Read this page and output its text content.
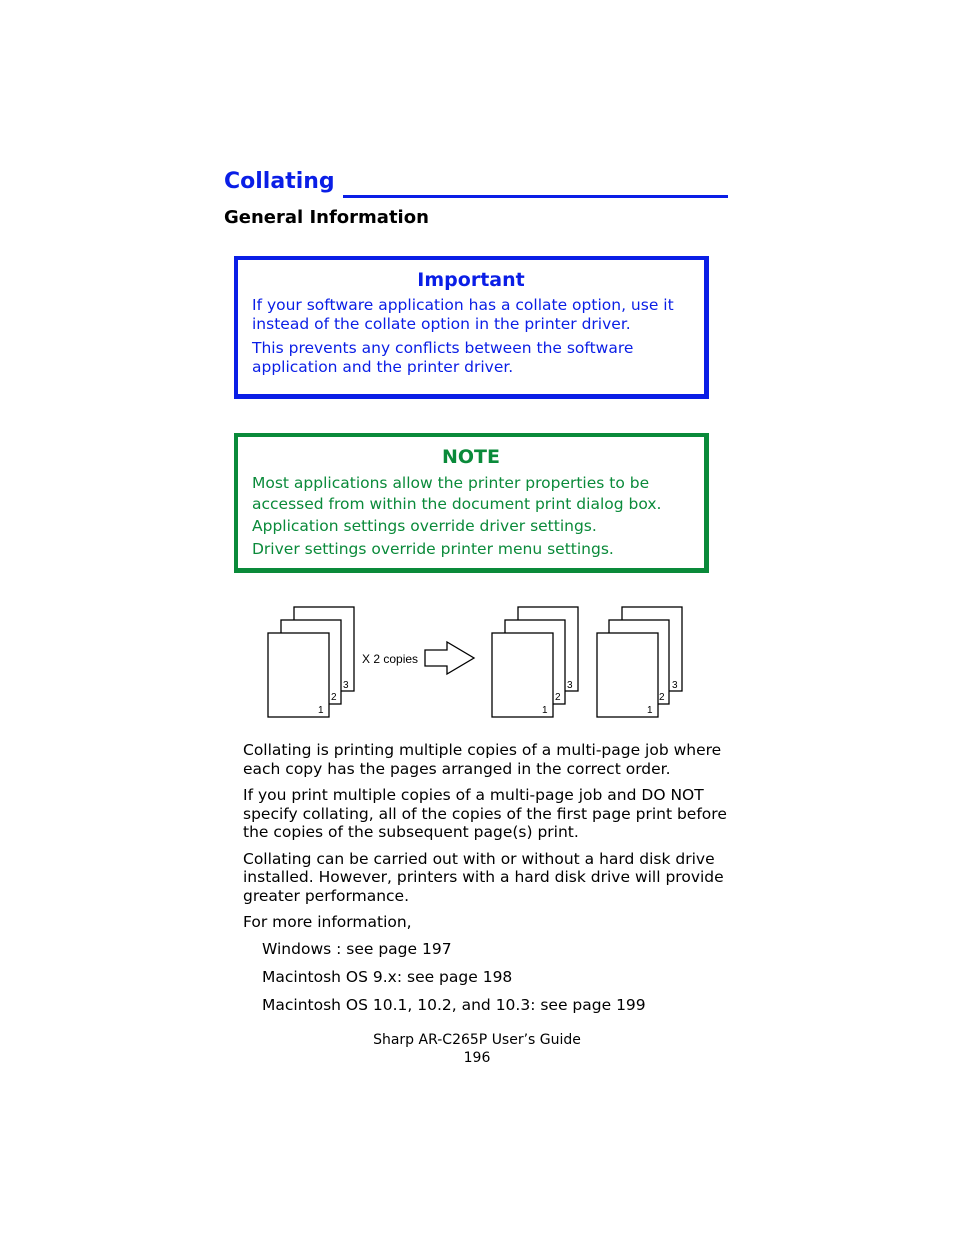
Collating
General Information
Important

If your software application has a collate option, use it instead of the collate option in the printer driver.

This prevents any conflicts between the software application and the printer driver.

NOTE

Most applications allow the printer properties to be accessed from within the document print dialog box.

Application settings override driver settings.

Driver settings override printer menu settings.

3
2
1
3
2
1
3
2
1
X 2 copies

Collating is printing multiple copies of a multi-page job where each copy has the pages arranged in the correct order.

If you print multiple copies of a multi-page job and DO NOT specify collating, all of the copies of the first page print before the copies of the subsequent page(s) print.

Collating can be carried out with or without a hard disk drive installed. However, printers with a hard disk drive will provide greater performance.

For more information,

Windows : see page 197

Macintosh OS 9.x: see page 198

Macintosh OS 10.1, 10.2, and 10.3: see page 199

Sharp AR-C265P User’s Guide
196
